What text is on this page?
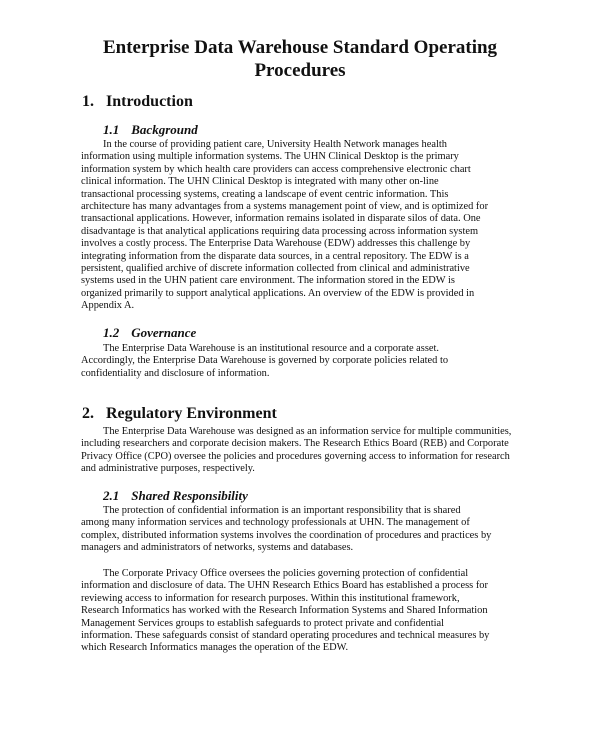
Enterprise Data Warehouse Standard Operating
Procedures
1. Introduction
1.1 Background
In the course of providing patient care, University Health Network manages health
information using multiple information systems. The UHN Clinical Desktop is the primary
information system by which health care providers can access comprehensive electronic chart
clinical information. The UHN Clinical Desktop is integrated with many other on-line
transactional processing systems, creating a landscape of event centric information. This
architecture has many advantages from a systems management point of view, and is optimized for
transactional applications. However, information remains isolated in disparate silos of data. One
disadvantage is that analytical applications requiring data processing across information system
involves a costly process. The Enterprise Data Warehouse (EDW) addresses this challenge by
integrating information from the disparate data sources, in a central repository. The EDW is a
persistent, qualified archive of discrete information collected from clinical and administrative
systems used in the UHN patient care environment. The information stored in the EDW is
organized primarily to support analytical applications. An overview of the EDW is provided in
Appendix A.
1.2 Governance
The Enterprise Data Warehouse is an institutional resource and a corporate asset.
Accordingly, the Enterprise Data Warehouse is governed by corporate policies related to
confidentiality and disclosure of information.
2. Regulatory Environment
The Enterprise Data Warehouse was designed as an information service for multiple communities,
including researchers and corporate decision makers. The Research Ethics Board (REB) and Corporate
Privacy Office (CPO) oversee the policies and procedures governing access to information for research
and administrative purposes, respectively.
2.1 Shared Responsibility
The protection of confidential information is an important responsibility that is shared
among many information services and technology professionals at UHN. The management of
complex, distributed information systems involves the coordination of procedures and practices by
managers and administrators of networks, systems and databases.
The Corporate Privacy Office oversees the policies governing protection of confidential
information and disclosure of data. The UHN Research Ethics Board has established a process for
reviewing access to information for research purposes. Within this institutional framework,
Research Informatics has worked with the Research Information Systems and Shared Information
Management Services groups to establish safeguards to protect private and confidential
information. These safeguards consist of standard operating procedures and technical measures by
which Research Informatics manages the operation of the EDW.
